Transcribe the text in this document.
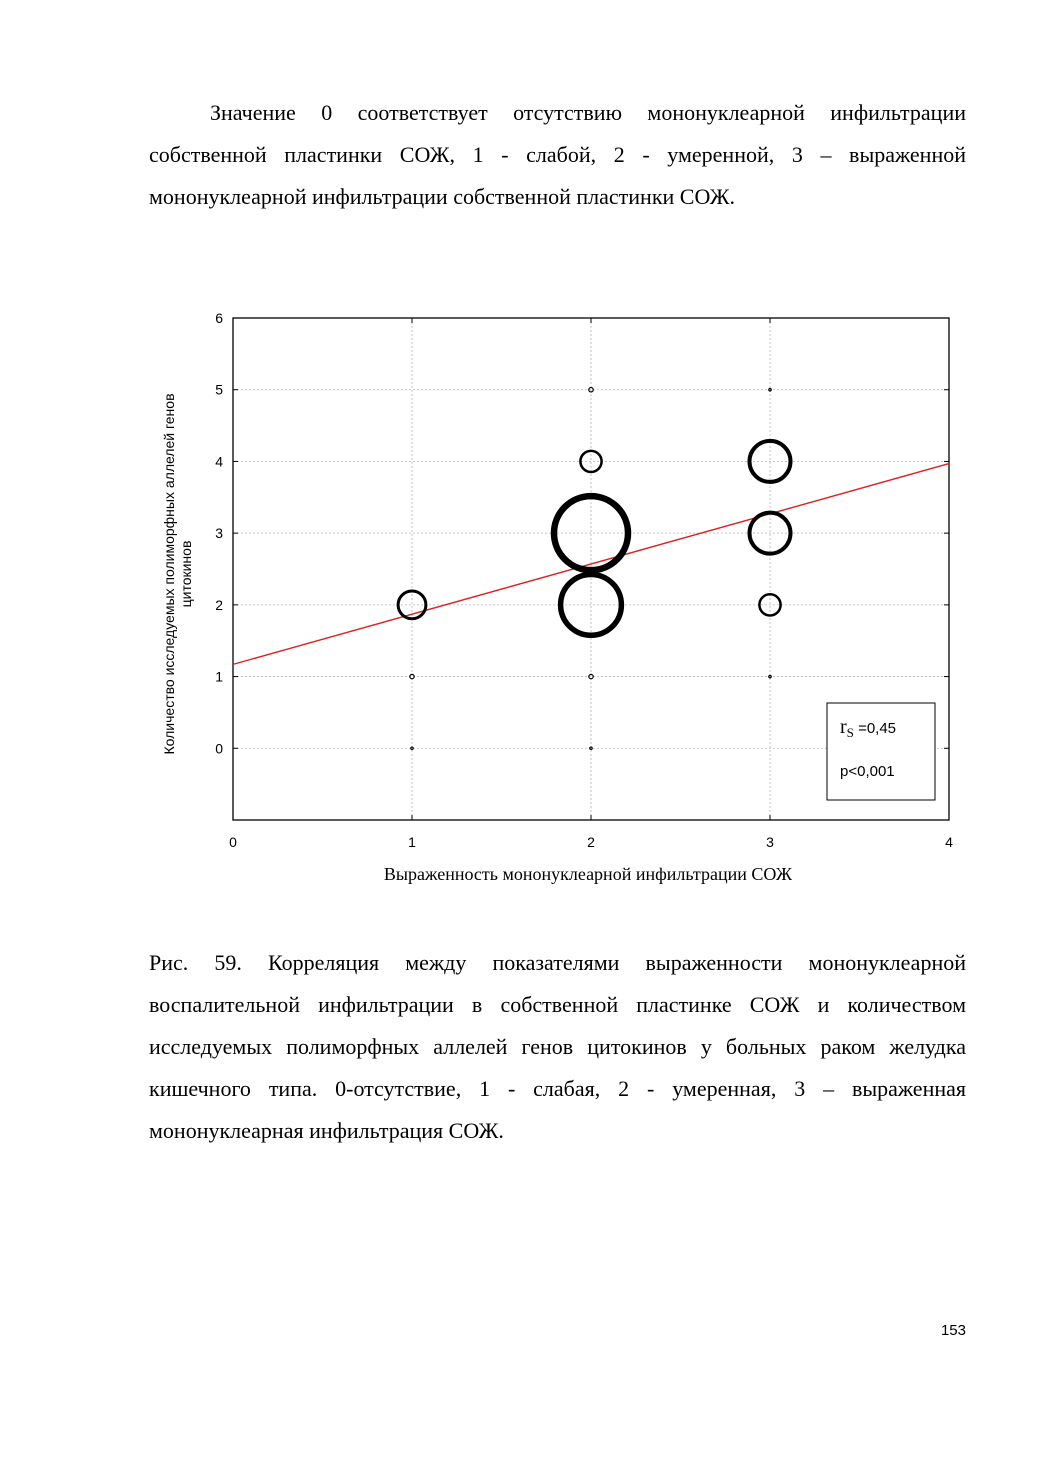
Значение 0 соответствует отсутствию мононуклеарной инфильтрации собственной пластинки СОЖ, 1 - слабой, 2 - умеренной, 3 – выраженной мононуклеарной инфильтрации собственной пластинки СОЖ.

0	1	2	3	4
0
1
2
3
4
5
6
$r_S =0,45$
p<0,001
Выраженность мононуклеарной инфильтрации СОЖ
Количество исследуемых полиморфных аллелей генов цитокинов

Рис. 59. Корреляция между показателями выраженности мононуклеарной воспалительной инфильтрации в собственной пластинке СОЖ и количеством исследуемых полиморфных аллелей генов цитокинов у больных раком желудка кишечного типа. 0-отсутствие, 1 - слабая, 2 - умеренная, 3 – выраженная мононуклеарная инфильтрация СОЖ.

153
